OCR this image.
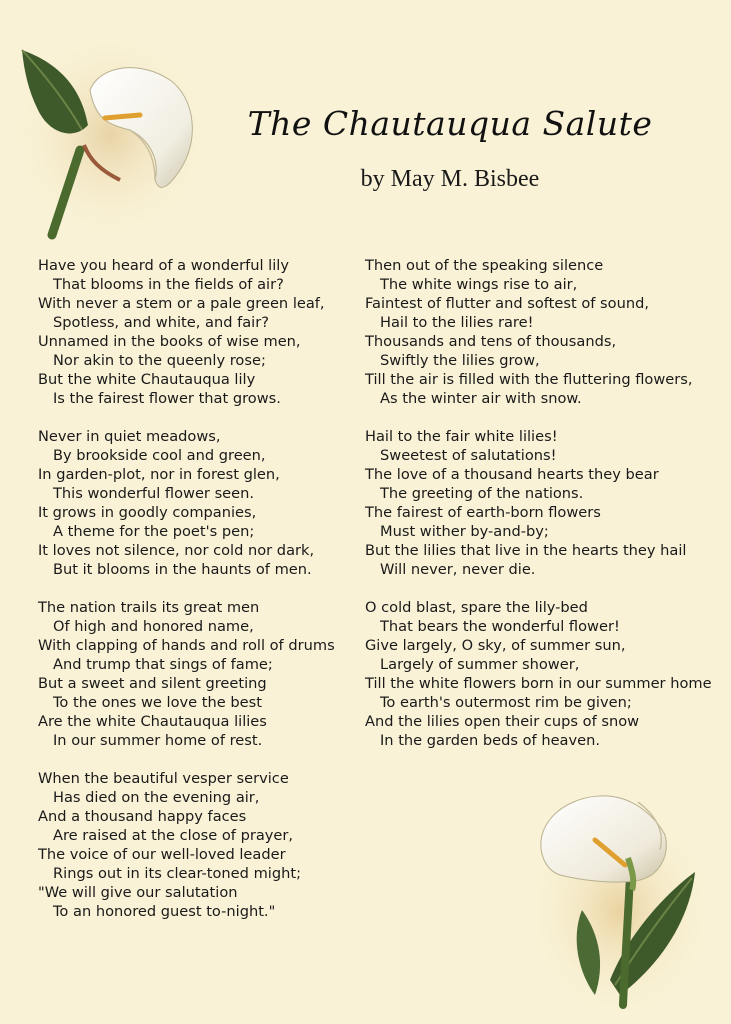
The Chautauqua Salute
by May M. Bisbee
Have you heard of a wonderful lily
That blooms in the fields of air?
With never a stem or a pale green leaf,
Spotless, and white, and fair?
Unnamed in the books of wise men,
Nor akin to the queenly rose;
But the white Chautauqua lily
Is the fairest flower that grows.
Never in quiet meadows,
By brookside cool and green,
In garden-plot, nor in forest glen,
This wonderful flower seen.
It grows in goodly companies,
A theme for the poet's pen;
It loves not silence, nor cold nor dark,
But it blooms in the haunts of men.
The nation trails its great men
Of high and honored name,
With clapping of hands and roll of drums
And trump that sings of fame;
But a sweet and silent greeting
To the ones we love the best
Are the white Chautauqua lilies
In our summer home of rest.
When the beautiful vesper service
Has died on the evening air,
And a thousand happy faces
Are raised at the close of prayer,
The voice of our well-loved leader
Rings out in its clear-toned might;
"We will give our salutation
To an honored guest to-night."
Then out of the speaking silence
The white wings rise to air,
Faintest of flutter and softest of sound,
Hail to the lilies rare!
Thousands and tens of thousands,
Swiftly the lilies grow,
Till the air is filled with the fluttering flowers,
As the winter air with snow.
Hail to the fair white lilies!
Sweetest of salutations!
The love of a thousand hearts they bear
The greeting of the nations.
The fairest of earth-born flowers
Must wither by-and-by;
But the lilies that live in the hearts they hail
Will never, never die.
O cold blast, spare the lily-bed
That bears the wonderful flower!
Give largely, O sky, of summer sun,
Largely of summer shower,
Till the white flowers born in our summer home
To earth's outermost rim be given;
And the lilies open their cups of snow
In the garden beds of heaven.
